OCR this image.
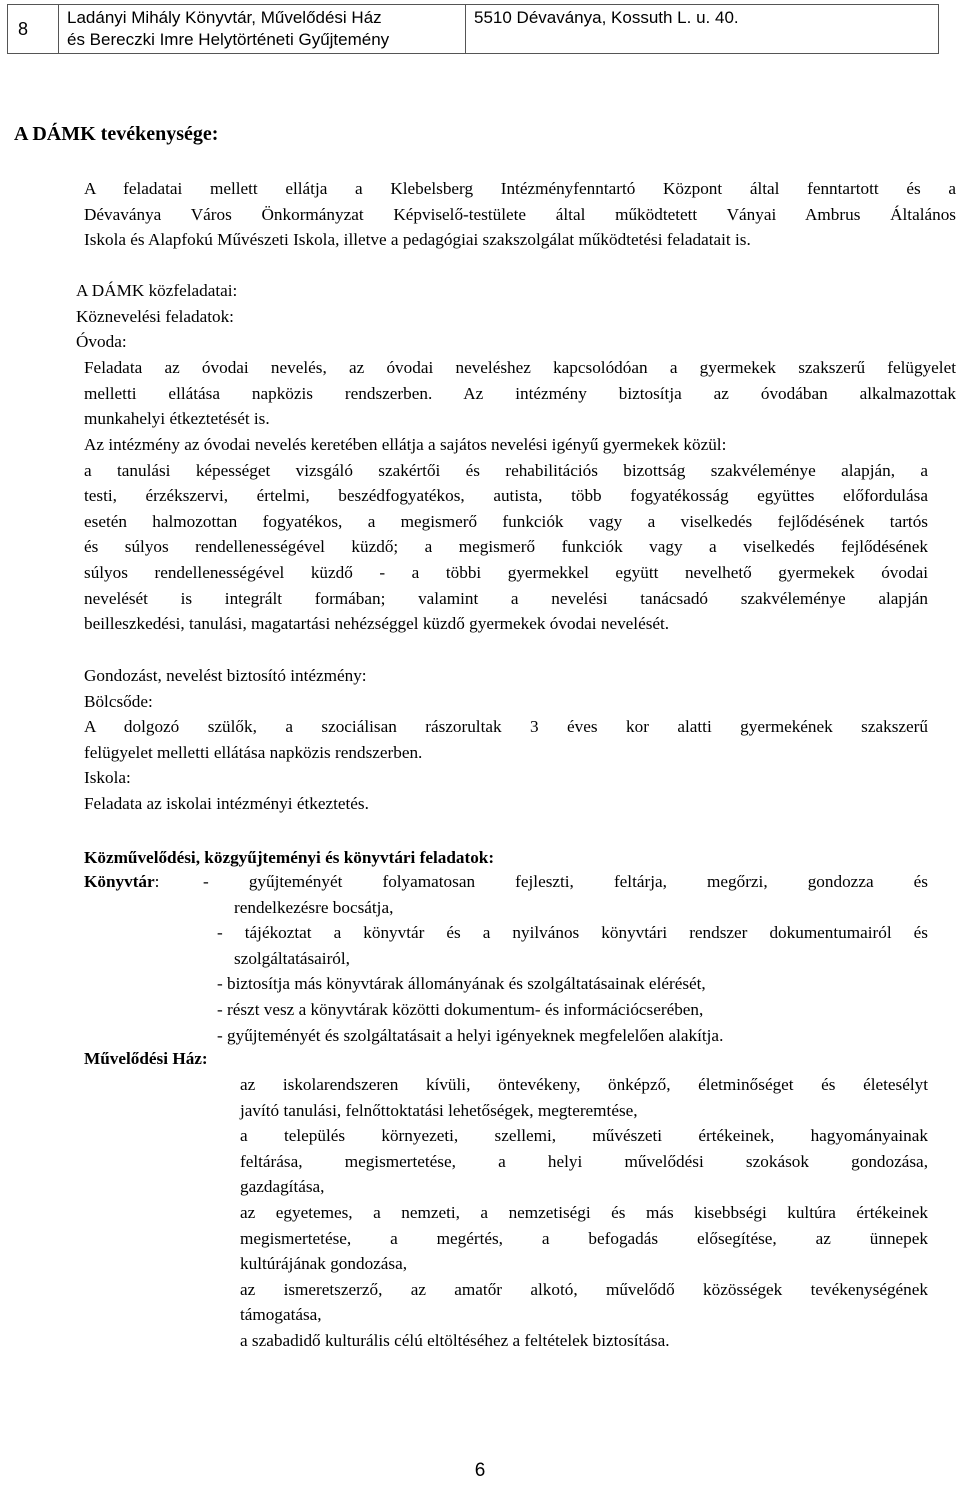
8	
Ladányi Mihály Könyvtár, Művelődési Ház
és Bereczki Imre Helytörténeti Gyűjtemény
	5510 Dévaványa, Kossuth L. u. 40.
A DÁMK tevékenysége:
A feladatai mellett ellátja a Klebelsberg Intézményfenntartó Központ által fenntartott és a
Dévaványa Város Önkormányzat Képviselő-testülete által működtetett Ványai Ambrus Általános
Iskola és Alapfokú Művészeti Iskola, illetve a pedagógiai szakszolgálat működtetési feladatait is.
A DÁMK közfeladatai:
Köznevelési feladatok:
Óvoda:
Feladata az óvodai nevelés, az óvodai neveléshez kapcsolódóan a gyermekek szakszerű felügyelet
melletti ellátása napközis rendszerben. Az intézmény biztosítja az óvodában alkalmazottak
munkahelyi étkeztetését is.
Az intézmény az óvodai nevelés keretében ellátja a sajátos nevelési igényű gyermekek közül:
a tanulási képességet vizsgáló szakértői és rehabilitációs bizottság szakvéleménye alapján, a
testi, érzékszervi, értelmi, beszédfogyatékos, autista, több fogyatékosság együttes előfordulása
esetén halmozottan fogyatékos, a megismerő funkciók vagy a viselkedés fejlődésének tartós
és súlyos rendellenességével küzdő; a megismerő funkciók vagy a viselkedés fejlődésének
súlyos rendellenességével küzdő - a többi gyermekkel együtt nevelhető gyermekek óvodai
nevelését is integrált formában; valamint a nevelési tanácsadó szakvéleménye alapján
beilleszkedési, tanulási, magatartási nehézséggel küzdő gyermekek óvodai nevelését.
Gondozást, nevelést biztosító intézmény:
Bölcsőde:
A dolgozó szülők, a szociálisan rászorultak 3 éves kor alatti gyermekének szakszerű
felügyelet melletti ellátása napközis rendszerben.
Iskola:
Feladata az iskolai intézményi étkeztetés.
Közművelődési, közgyűjteményi és könyvtári feladatok:
Könyvtár:	- gyűjteményét folyamatosan fejleszti, feltárja, megőrzi, gondozza és
rendelkezésre bocsátja,
- tájékoztat a könyvtár és a nyilvános könyvtári rendszer dokumentumairól és
szolgáltatásairól,
- biztosítja más könyvtárak állományának és szolgáltatásainak elérését,
- részt vesz a könyvtárak közötti dokumentum- és információcserében,
- gyűjteményét és szolgáltatásait a helyi igényeknek megfelelően alakítja.
Művelődési Ház:
az iskolarendszeren kívüli, öntevékeny, önképző, életminőséget és életesélyt
javító tanulási, felnőttoktatási lehetőségek, megteremtése,
a település környezeti, szellemi, művészeti értékeinek, hagyományainak
feltárása, megismertetése, a helyi művelődési szokások gondozása,
gazdagítása,
az egyetemes, a nemzeti, a nemzetiségi és más kisebbségi kultúra értékeinek
megismertetése, a megértés, a befogadás elősegítése, az ünnepek
kultúrájának gondozása,
az ismeretszerző, az amatőr alkotó, művelődő közösségek tevékenységének
támogatása,
a szabadidő kulturális célú eltöltéséhez a feltételek biztosítása.
6
